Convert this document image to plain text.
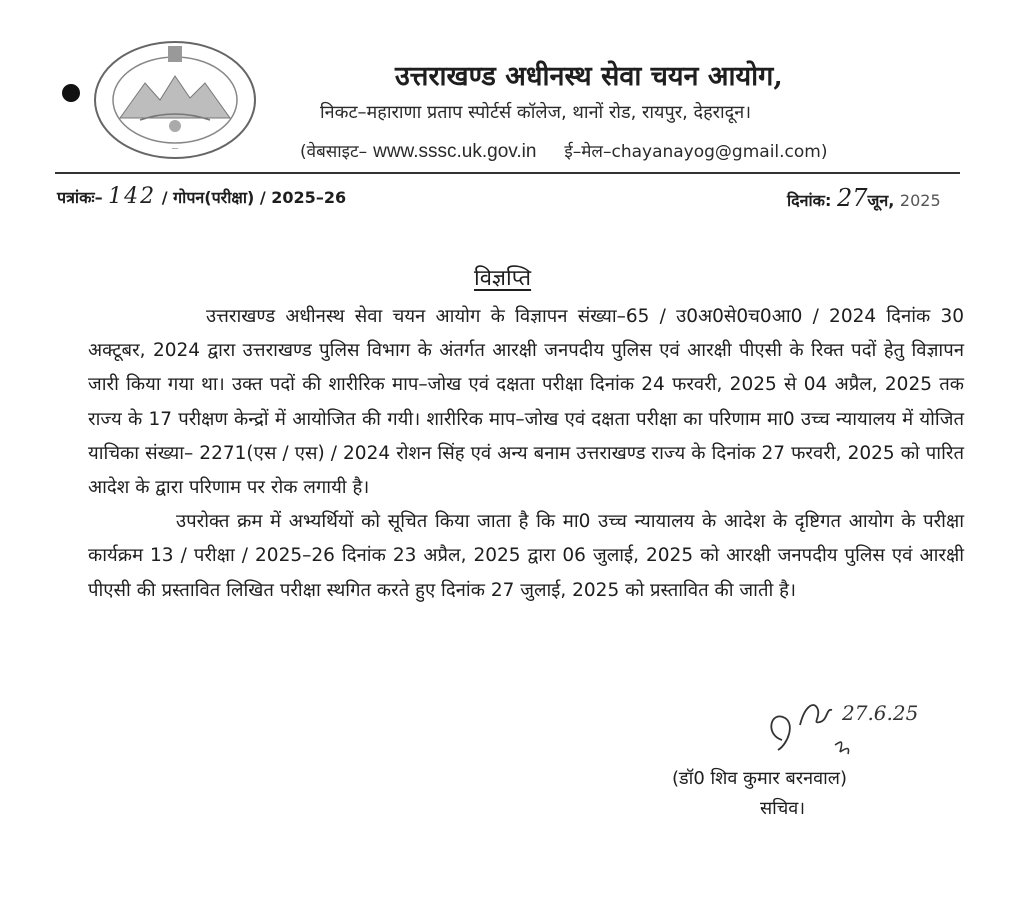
—
उत्तराखण्ड अधीनस्थ सेवा चयन आयोग,
निकट–महाराणा प्रताप स्पोर्टर्स कॉलेज, थानों रोड, रायपुर, देहरादून।
(वेबसाइट– www.sssc.uk.gov.in ई–मेल–chayanayog@gmail.com)
पत्रांकः– 142 / गोपन(परीक्षा) / 2025–26	दिनांक: 27जून, 2025
विज्ञप्ति

उत्तराखण्ड अधीनस्थ सेवा चयन आयोग के विज्ञापन संख्या–65 / उ0अ0से0च0आ0 / 2024 दिनांक 30 अक्टूबर, 2024 द्वारा उत्तराखण्ड पुलिस विभाग के अंतर्गत आरक्षी जनपदीय पुलिस एवं आरक्षी पीएसी के रिक्त पदों हेतु विज्ञापन जारी किया गया था। उक्त पदों की शारीरिक माप–जोख एवं दक्षता परीक्षा दिनांक 24 फरवरी, 2025 से 04 अप्रैल, 2025 तक राज्य के 17 परीक्षण केन्द्रों में आयोजित की गयी। शारीरिक माप–जोख एवं दक्षता परीक्षा का परिणाम मा0 उच्च न्यायालय में योजित याचिका संख्या– 2271(एस / एस) / 2024 रोशन सिंह एवं अन्य बनाम उत्तराखण्ड राज्य के दिनांक 27 फरवरी, 2025 को पारित आदेश के द्वारा परिणाम पर रोक लगायी है।

उपरोक्त क्रम में अभ्यर्थियों को सूचित किया जाता है कि मा0 उच्च न्यायालय के आदेश के दृष्टिगत आयोग के परीक्षा कार्यक्रम 13 / परीक्षा / 2025–26 दिनांक 23 अप्रैल, 2025 द्वारा 06 जुलाई, 2025 को आरक्षी जनपदीय पुलिस एवं आरक्षी पीएसी की प्रस्तावित लिखित परीक्षा स्थगित करते हुए दिनांक 27 जुलाई, 2025 को प्रस्तावित की जाती है।

27.6.25
(डॉ0 शिव कुमार बरनवाल)
सचिव।
